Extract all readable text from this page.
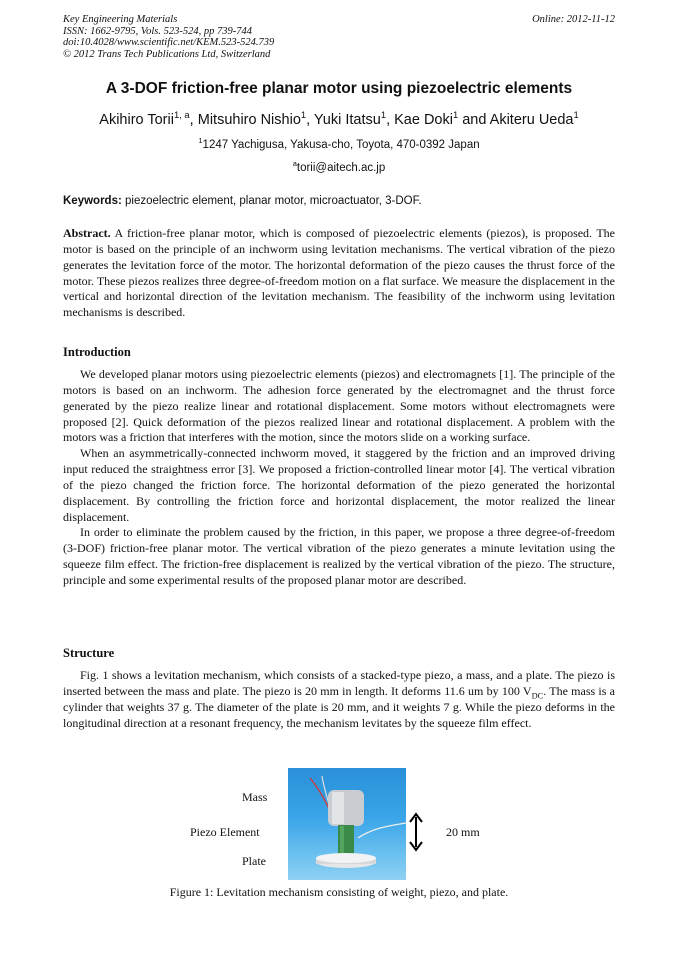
Key Engineering Materials
ISSN: 1662-9795, Vols. 523-524, pp 739-744
doi:10.4028/www.scientific.net/KEM.523-524.739
© 2012 Trans Tech Publications Ltd, Switzerland
Online: 2012-11-12
A 3-DOF friction-free planar motor using piezoelectric elements
Akihiro Torii$^{1, a}$, Mitsuhiro Nishio$^1$, Yuki Itatsu$^1$, Kae Doki$^1$ and Akiteru Ueda$^1$
$^1$1247 Yachigusa, Yakusa-cho, Toyota, 470-0392 Japan
$^a$torii@aitech.ac.jp
Keywords: piezoelectric element, planar motor, microactuator, 3-DOF.

Abstract. A friction-free planar motor, which is composed of piezoelectric elements (piezos), is proposed. The motor is based on the principle of an inchworm using levitation mechanisms. The vertical vibration of the piezo generates the levitation force of the motor. The horizontal deformation of the piezo causes the thrust force of the motor. These piezos realizes three degree-of-freedom motion on a flat surface. We measure the displacement in the vertical and horizontal direction of the levitation mechanism. The feasibility of the inchworm using levitation mechanisms is described.

Introduction

We developed planar motors using piezoelectric elements (piezos) and electromagnets [1]. The principle of the motors is based on an inchworm. The adhesion force generated by the electromagnet and the thrust force generated by the piezo realize linear and rotational displacement. Some motors without electromagnets were proposed [2]. Quick deformation of the piezos realized linear and rotational displacement. A problem with the motors was a friction that interferes with the motion, since the motors slide on a working surface.

When an asymmetrically-connected inchworm moved, it staggered by the friction and an improved driving input reduced the straightness error [3]. We proposed a friction-controlled linear motor [4]. The vertical vibration of the piezo changed the friction force. The horizontal deformation of the piezo generated the horizontal displacement. By controlling the friction force and horizontal displacement, the motor realized the linear displacement.

In order to eliminate the problem caused by the friction, in this paper, we propose a three degree-of-freedom (3-DOF) friction-free planar motor. The vertical vibration of the piezo generates a minute levitation using the squeeze film effect. The friction-free displacement is realized by the vertical vibration of the piezo. The structure, principle and some experimental results of the proposed planar motor are described.

Structure

Fig. 1 shows a levitation mechanism, which consists of a stacked-type piezo, a mass, and a plate. The piezo is inserted between the mass and plate. The piezo is 20 mm in length. It deforms 11.6 um by 100 $V_{DC}$. The mass is a cylinder that weights 37 g. The diameter of the plate is 20 mm, and it weights 7 g. While the piezo deforms in the longitudinal direction at a resonant frequency, the mechanism levitates by the squeeze film effect.

Mass
Piezo Element
Plate
20 mm
Figure 1: Levitation mechanism consisting of weight, piezo, and plate.
